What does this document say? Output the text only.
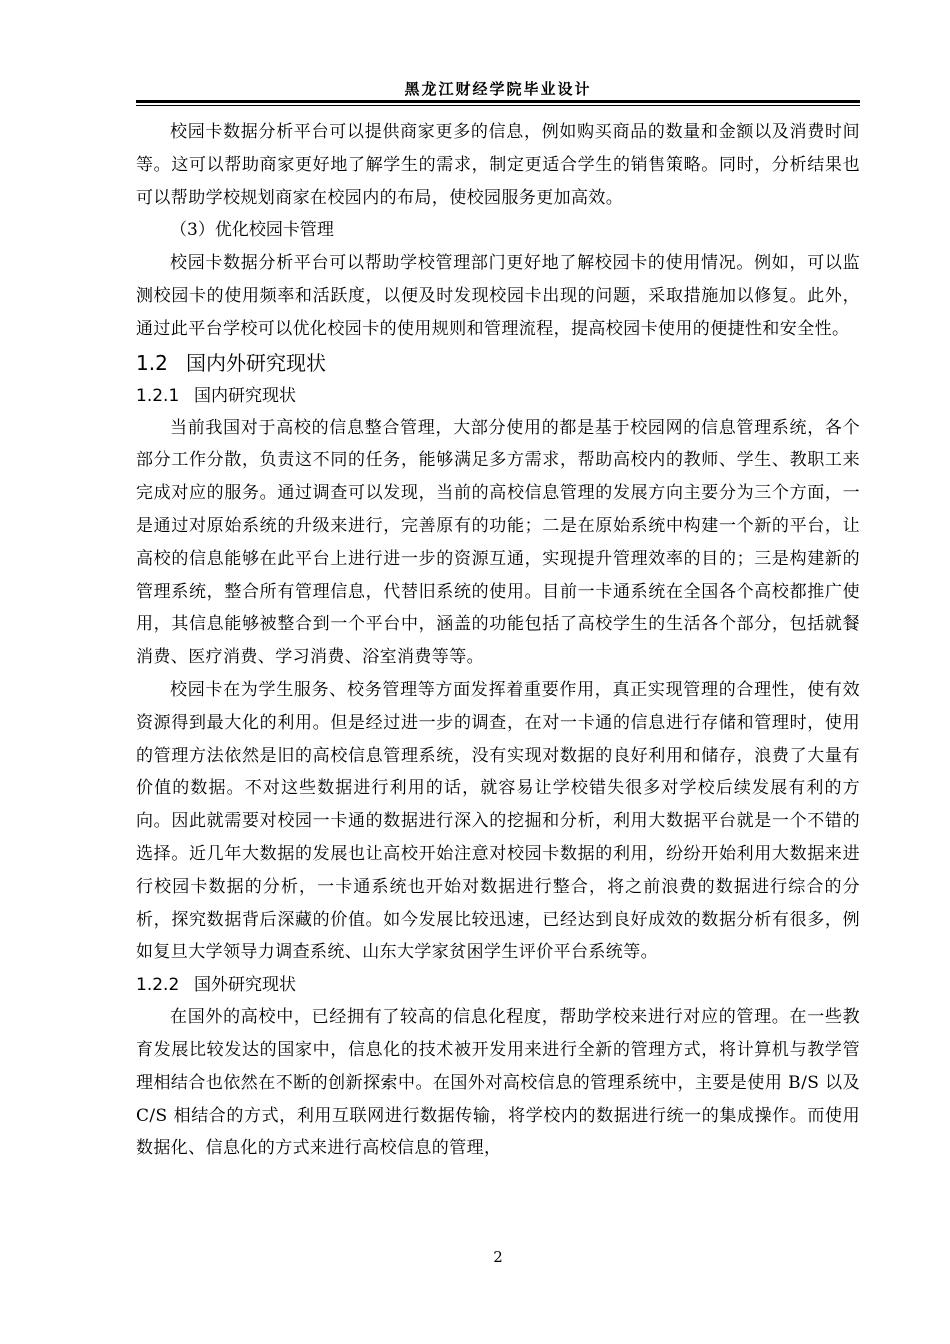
黑龙江财经学院毕业设计

校园卡数据分析平台可以提供商家更多的信息，例如购买商品的数量和金额以及消费时间等。这可以帮助商家更好地了解学生的需求，制定更适合学生的销售策略。同时，分析结果也可以帮助学校规划商家在校园内的布局，使校园服务更加高效。

（3）优化校园卡管理

校园卡数据分析平台可以帮助学校管理部门更好地了解校园卡的使用情况。例如，可以监测校园卡的使用频率和活跃度，以便及时发现校园卡出现的问题，采取措施加以修复。此外，通过此平台学校可以优化校园卡的使用规则和管理流程，提高校园卡使用的便捷性和安全性。

1.2 国内外研究现状
1.2.1 国内研究现状

当前我国对于高校的信息整合管理，大部分使用的都是基于校园网的信息管理系统，各个部分工作分散，负责这不同的任务，能够满足多方需求，帮助高校内的教师、学生、教职工来完成对应的服务。通过调查可以发现，当前的高校信息管理的发展方向主要分为三个方面，一是通过对原始系统的升级来进行，完善原有的功能；二是在原始系统中构建一个新的平台，让高校的信息能够在此平台上进行进一步的资源互通，实现提升管理效率的目的；三是构建新的管理系统，整合所有管理信息，代替旧系统的使用。目前一卡通系统在全国各个高校都推广使用，其信息能够被整合到一个平台中，涵盖的功能包括了高校学生的生活各个部分，包括就餐消费、医疗消费、学习消费、浴室消费等等。

校园卡在为学生服务、校务管理等方面发挥着重要作用，真正实现管理的合理性，使有效资源得到最大化的利用。但是经过进一步的调查，在对一卡通的信息进行存储和管理时，使用的管理方法依然是旧的高校信息管理系统，没有实现对数据的良好利用和储存，浪费了大量有价值的数据。不对这些数据进行利用的话，就容易让学校错失很多对学校后续发展有利的方向。因此就需要对校园一卡通的数据进行深入的挖掘和分析，利用大数据平台就是一个不错的选择。近几年大数据的发展也让高校开始注意对校园卡数据的利用，纷纷开始利用大数据来进行校园卡数据的分析，一卡通系统也开始对数据进行整合，将之前浪费的数据进行综合的分析，探究数据背后深藏的价值。如今发展比较迅速，已经达到良好成效的数据分析有很多，例如复旦大学领导力调查系统、山东大学家贫困学生评价平台系统等。

1.2.2 国外研究现状

在国外的高校中，已经拥有了较高的信息化程度，帮助学校来进行对应的管理。在一些教育发展比较发达的国家中，信息化的技术被开发用来进行全新的管理方式，将计算机与教学管理相结合也依然在不断的创新探索中。在国外对高校信息的管理系统中，主要是使用 B/S 以及 C/S 相结合的方式，利用互联网进行数据传输，将学校内的数据进行统一的集成操作。而使用数据化、信息化的方式来进行高校信息的管理，

2
